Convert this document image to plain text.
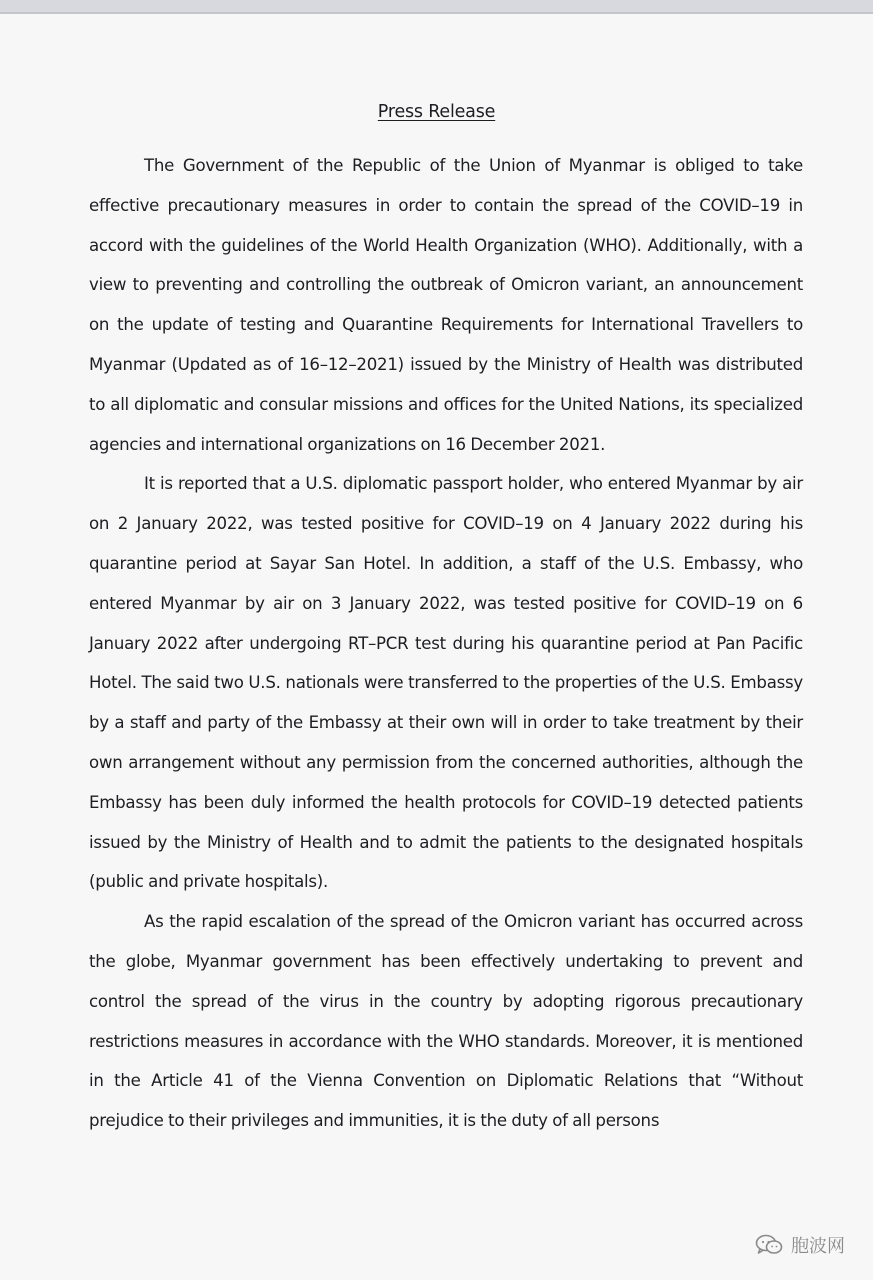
Press Release

The Government of the Republic of the Union of Myanmar is obliged to take effective precautionary measures in order to contain the spread of the COVID–19 in accord with the guidelines of the World Health Organization (WHO). Additionally, with a view to preventing and controlling the outbreak of Omicron variant, an announcement on the update of testing and Quarantine Requirements for International Travellers to Myanmar (Updated as of 16–12–2021) issued by the Ministry of Health was distributed to all diplomatic and consular missions and offices for the United Nations, its specialized agencies and international organizations on 16 December 2021.

It is reported that a U.S. diplomatic passport holder, who entered Myanmar by air on 2 January 2022, was tested positive for COVID–19 on 4 January 2022 during his quarantine period at Sayar San Hotel. In addition, a staff of the U.S. Embassy, who entered Myanmar by air on 3 January 2022, was tested positive for COVID–19 on 6 January 2022 after undergoing RT–PCR test during his quarantine period at Pan Pacific Hotel. The said two U.S. nationals were transferred to the properties of the U.S. Embassy by a staff and party of the Embassy at their own will in order to take treatment by their own arrangement without any permission from the concerned authorities, although the Embassy has been duly informed the health protocols for COVID–19 detected patients issued by the Ministry of Health and to admit the patients to the designated hospitals (public and private hospitals).

As the rapid escalation of the spread of the Omicron variant has occurred across the globe, Myanmar government has been effectively undertaking to prevent and control the spread of the virus in the country by adopting rigorous precautionary restrictions measures in accordance with the WHO standards. Moreover, it is mentioned in the Article 41 of the Vienna Convention on Diplomatic Relations that “Without prejudice to their privileges and immunities, it is the duty of all persons

胞波网
